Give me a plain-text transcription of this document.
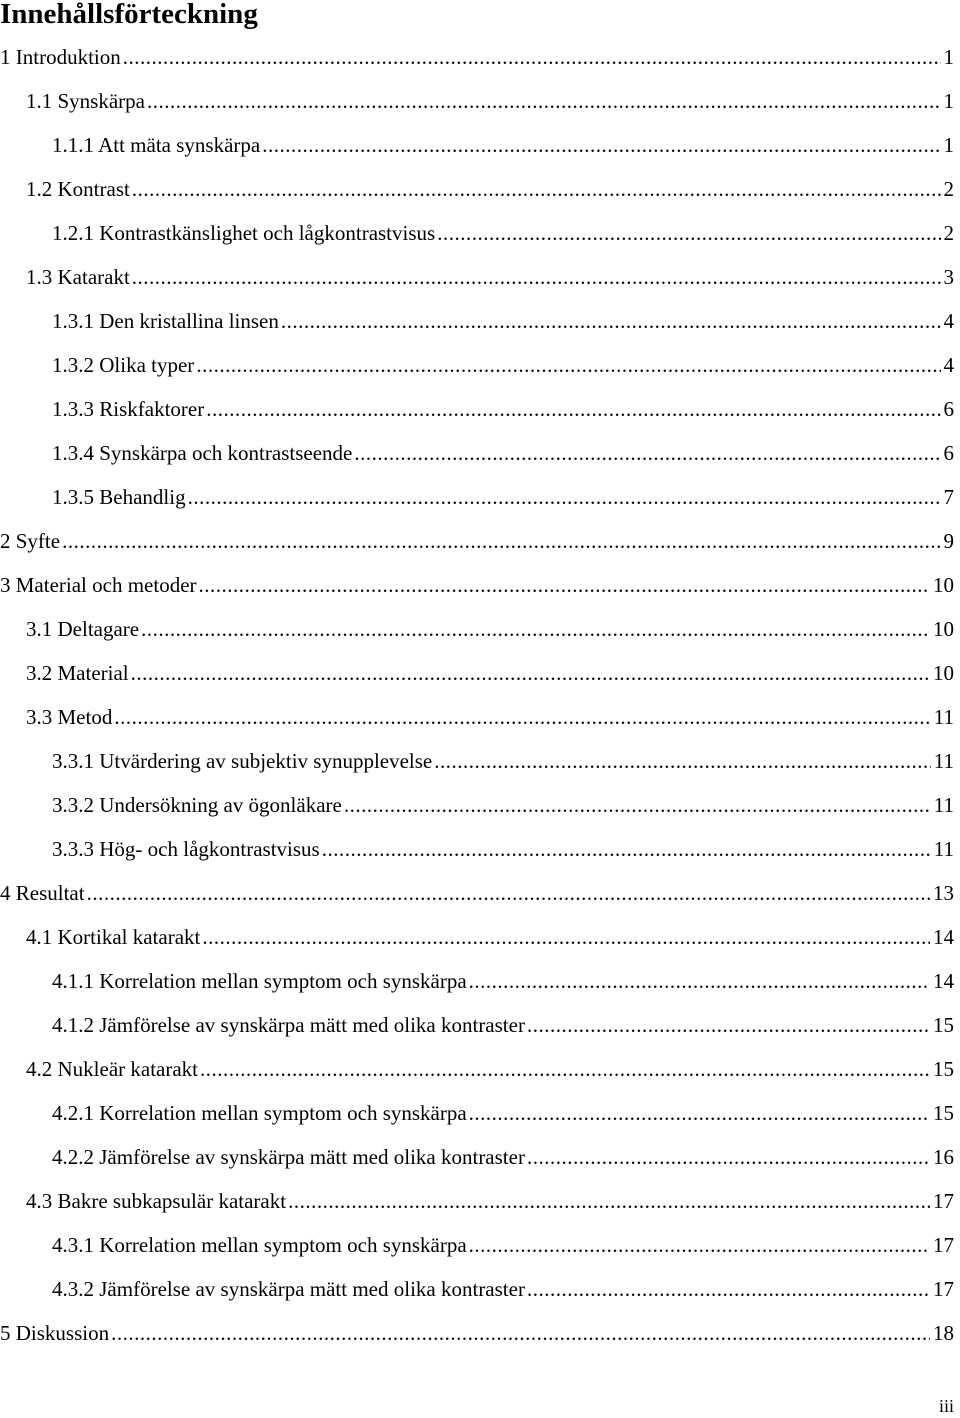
Innehållsförteckning
1 Introduktion .....	1
1.1 Synskärpa .....	1
1.1.1 Att mäta synskärpa .....	1
1.2 Kontrast .....	2
1.2.1 Kontrastkänslighet och lågkontrastvisus .....	2
1.3 Katarakt .....	3
1.3.1 Den kristallina linsen .....	4
1.3.2 Olika typer .....	4
1.3.3 Riskfaktorer .....	6
1.3.4 Synskärpa och kontrastseende .....	6
1.3.5 Behandlig .....	7
2 Syfte .....	9
3 Material och metoder .....	10
3.1 Deltagare .....	10
3.2 Material .....	10
3.3 Metod .....	11
3.3.1 Utvärdering av subjektiv synupplevelse .....	11
3.3.2 Undersökning av ögonläkare .....	11
3.3.3 Hög- och lågkontrastvisus .....	11
4 Resultat .....	13
4.1 Kortikal katarakt .....	14
4.1.1 Korrelation mellan symptom och synskärpa .....	14
4.1.2 Jämförelse av synskärpa mätt med olika kontraster .....	15
4.2 Nukleär katarakt .....	15
4.2.1 Korrelation mellan symptom och synskärpa .....	15
4.2.2 Jämförelse av synskärpa mätt med olika kontraster .....	16
4.3 Bakre subkapsulär katarakt .....	17
4.3.1 Korrelation mellan symptom och synskärpa .....	17
4.3.2 Jämförelse av synskärpa mätt med olika kontraster .....	17
5 Diskussion .....	18
iii
